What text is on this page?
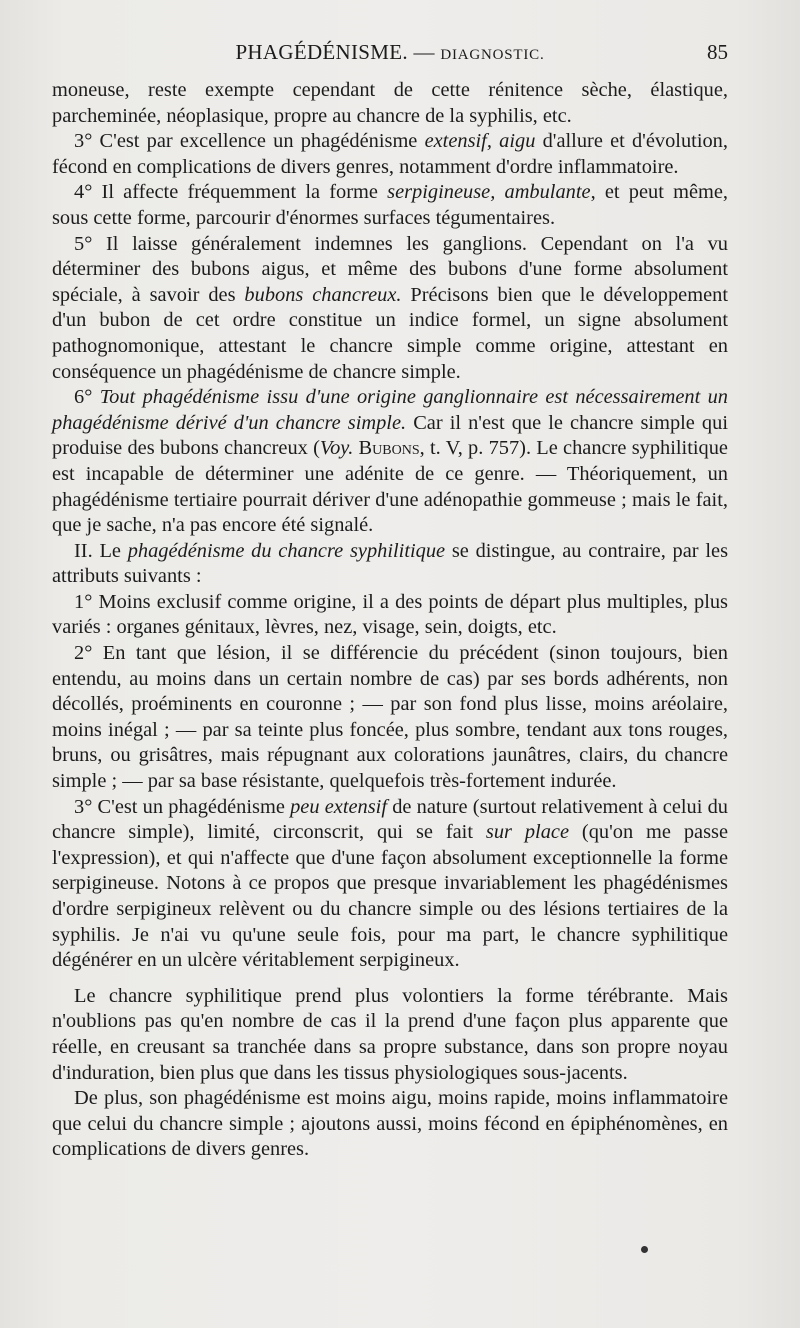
PHAGÉDÉNISME. — DIAGNOSTIC.	85

moneuse, reste exempte cependant de cette rénitence sèche, élastique, parcheminée, néoplasique, propre au chancre de la syphilis, etc.

3° C'est par excellence un phagédénisme extensif, aigu d'allure et d'évolution, fécond en complications de divers genres, notamment d'ordre inflammatoire.

4° Il affecte fréquemment la forme serpigineuse, ambulante, et peut même, sous cette forme, parcourir d'énormes surfaces tégumentaires.

5° Il laisse généralement indemnes les ganglions. Cependant on l'a vu déterminer des bubons aigus, et même des bubons d'une forme absolument spéciale, à savoir des bubons chancreux. Précisons bien que le développement d'un bubon de cet ordre constitue un indice formel, un signe absolument pathognomonique, attestant le chancre simple comme origine, attestant en conséquence un phagédénisme de chancre simple.

6° Tout phagédénisme issu d'une origine ganglionnaire est nécessairement un phagédénisme dérivé d'un chancre simple. Car il n'est que le chancre simple qui produise des bubons chancreux (Voy. Bubons, t. V, p. 757). Le chancre syphilitique est incapable de déterminer une adénite de ce genre. — Théoriquement, un phagédénisme tertiaire pourrait dériver d'une adénopathie gommeuse ; mais le fait, que je sache, n'a pas encore été signalé.

II. Le phagédénisme du chancre syphilitique se distingue, au contraire, par les attributs suivants :

1° Moins exclusif comme origine, il a des points de départ plus multiples, plus variés : organes génitaux, lèvres, nez, visage, sein, doigts, etc.

2° En tant que lésion, il se différencie du précédent (sinon toujours, bien entendu, au moins dans un certain nombre de cas) par ses bords adhérents, non décollés, proéminents en couronne ; — par son fond plus lisse, moins aréolaire, moins inégal ; — par sa teinte plus foncée, plus sombre, tendant aux tons rouges, bruns, ou grisâtres, mais répugnant aux colorations jaunâtres, clairs, du chancre simple ; — par sa base résistante, quelquefois très-fortement indurée.

3° C'est un phagédénisme peu extensif de nature (surtout relativement à celui du chancre simple), limité, circonscrit, qui se fait sur place (qu'on me passe l'expression), et qui n'affecte que d'une façon absolument exceptionnelle la forme serpigineuse. Notons à ce propos que presque invariablement les phagédénismes d'ordre serpigineux relèvent ou du chancre simple ou des lésions tertiaires de la syphilis. Je n'ai vu qu'une seule fois, pour ma part, le chancre syphilitique dégénérer en un ulcère véritablement serpigineux.

Le chancre syphilitique prend plus volontiers la forme térébrante. Mais n'oublions pas qu'en nombre de cas il la prend d'une façon plus apparente que réelle, en creusant sa tranchée dans sa propre substance, dans son propre noyau d'induration, bien plus que dans les tissus physiologiques sous-jacents.

De plus, son phagédénisme est moins aigu, moins rapide, moins inflammatoire que celui du chancre simple ; ajoutons aussi, moins fécond en épiphénomènes, en complications de divers genres.
